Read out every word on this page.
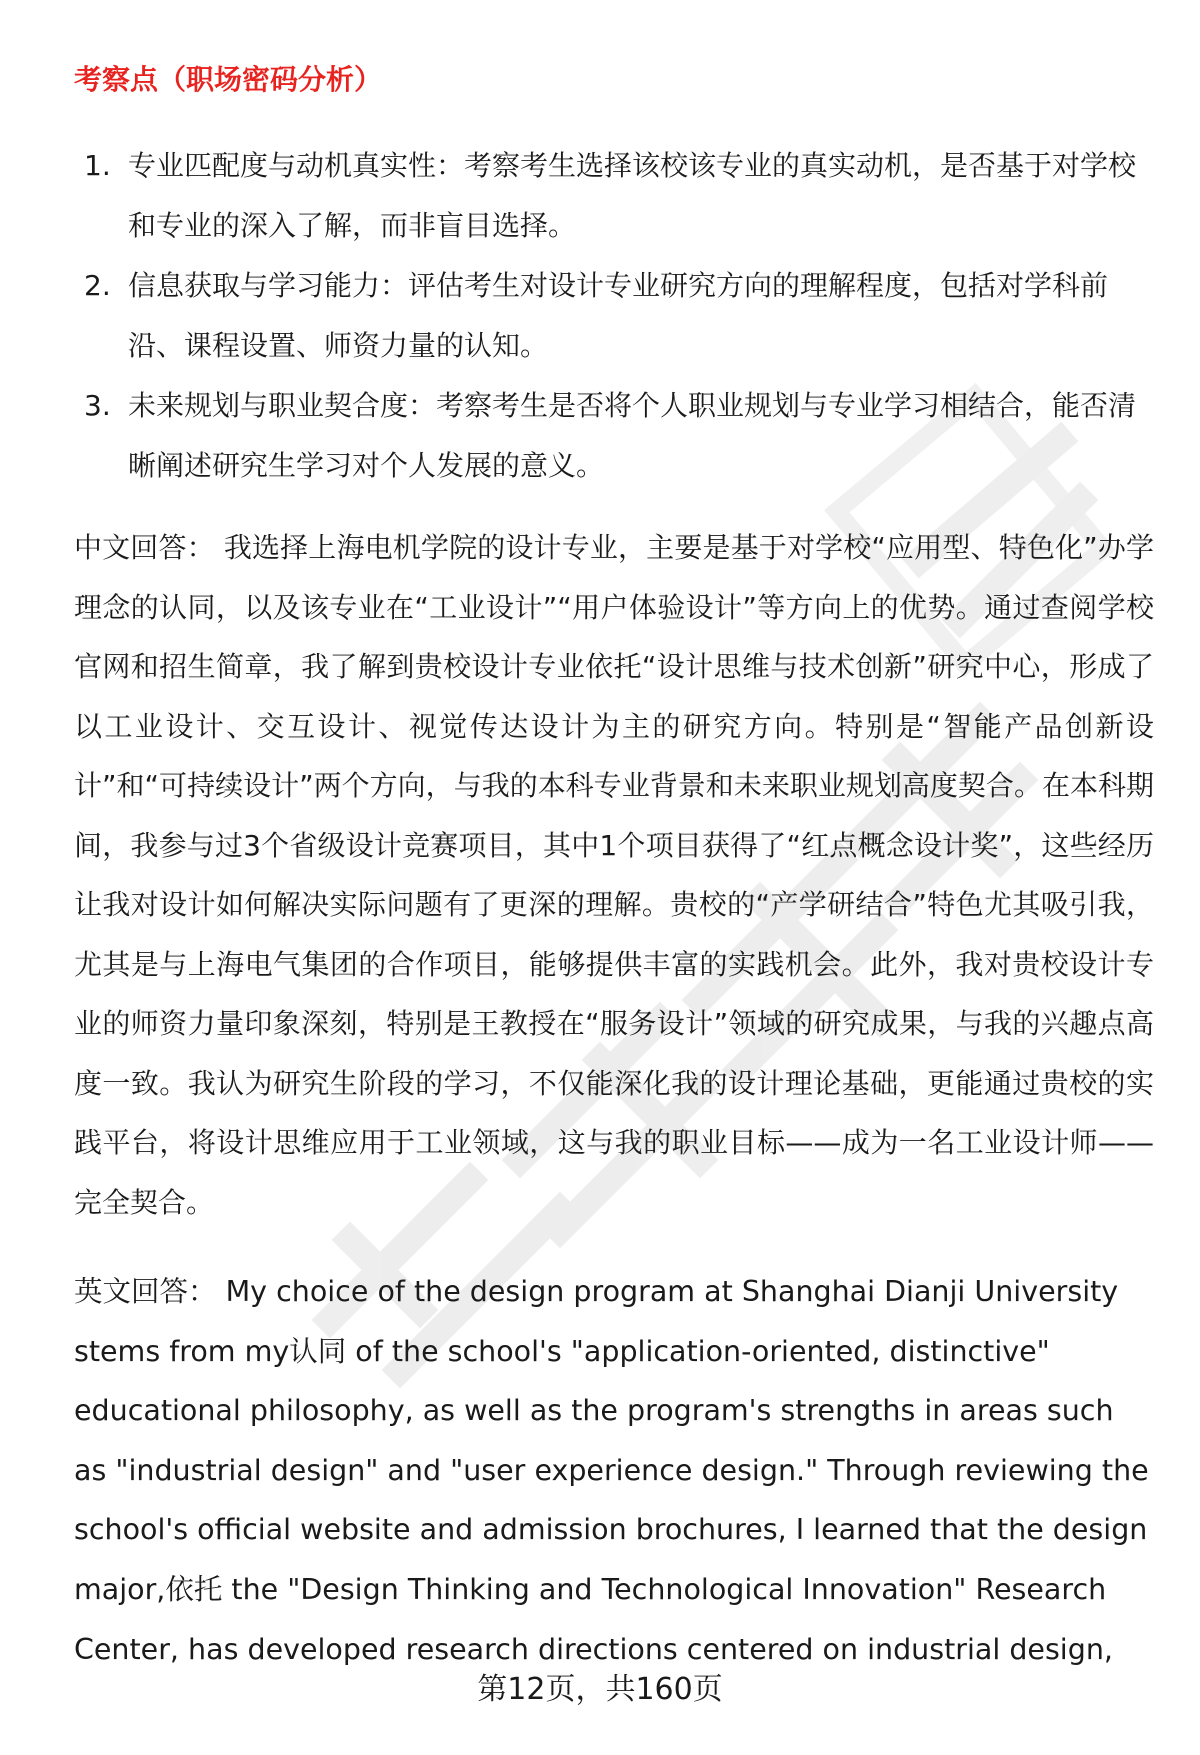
考察点（职场密码分析）
1. 专业匹配度与动机真实性：考察考生选择该校该专业的真实动机，是否基于对学校和专业的深入了解，而非盲目选择。
2. 信息获取与学习能力：评估考生对设计专业研究方向的理解程度，包括对学科前沿、课程设置、师资力量的认知。
3. 未来规划与职业契合度：考察考生是否将个人职业规划与专业学习相结合，能否清晰阐述研究生学习对个人发展的意义。

中文回答： 我选择上海电机学院的设计专业，主要是基于对学校“应用型、特色化”办学理念的认同，以及该专业在“工业设计”“用户体验设计”等方向上的优势。通过查阅学校官网和招生简章，我了解到贵校设计专业依托“设计思维与技术创新”研究中心，形成了以工业设计、交互设计、视觉传达设计为主的研究方向。特别是“智能产品创新设计”和“可持续设计”两个方向，与我的本科专业背景和未来职业规划高度契合。在本科期间，我参与过3个省级设计竞赛项目，其中1个项目获得了“红点概念设计奖”，这些经历让我对设计如何解决实际问题有了更深的理解。贵校的“产学研结合”特色尤其吸引我，尤其是与上海电气集团的合作项目，能够提供丰富的实践机会。此外，我对贵校设计专业的师资力量印象深刻，特别是王教授在“服务设计”领域的研究成果，与我的兴趣点高度一致。我认为研究生阶段的学习，不仅能深化我的设计理论基础，更能通过贵校的实践平台，将设计思维应用于工业领域，这与我的职业目标——成为一名工业设计师——完全契合。

英文回答： My choice of the design program at Shanghai Dianji University stems from my认同 of the school's "application-oriented, distinctive" educational philosophy, as well as the program's strengths in areas such as "industrial design" and "user experience design." Through reviewing the school's official website and admission brochures, I learned that the design major,依托 the "Design Thinking and Technological Innovation" Research Center, has developed research directions centered on industrial design,

第12页，共160页
